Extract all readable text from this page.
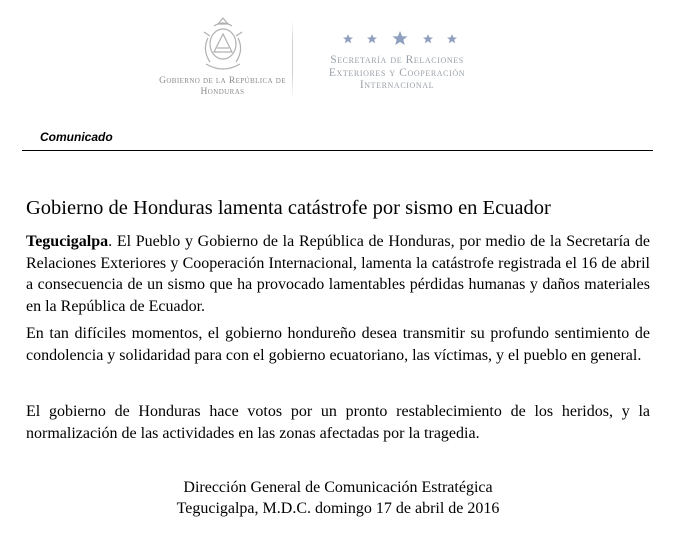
Gobierno de la República de Honduras
Secretaría de Relaciones Exteriores y Cooperación Internacional
Comunicado
Gobierno de Honduras lamenta catástrofe por sismo en Ecuador

Tegucigalpa. El Pueblo y Gobierno de la República de Honduras, por medio de la Secretaría de Relaciones Exteriores y Cooperación Internacional, lamenta la catástrofe registrada el 16 de abril a consecuencia de un sismo que ha provocado lamentables pérdidas humanas y daños materiales en la República de Ecuador.

En tan difíciles momentos, el gobierno hondureño desea transmitir su profundo sentimiento de condolencia y solidaridad para con el gobierno ecuatoriano, las víctimas, y el pueblo en general.

El gobierno de Honduras hace votos por un pronto restablecimiento de los heridos, y la normalización de las actividades en las zonas afectadas por la tragedia.

Dirección General de Comunicación Estratégica
Tegucigalpa, M.D.C. domingo 17 de abril de 2016
